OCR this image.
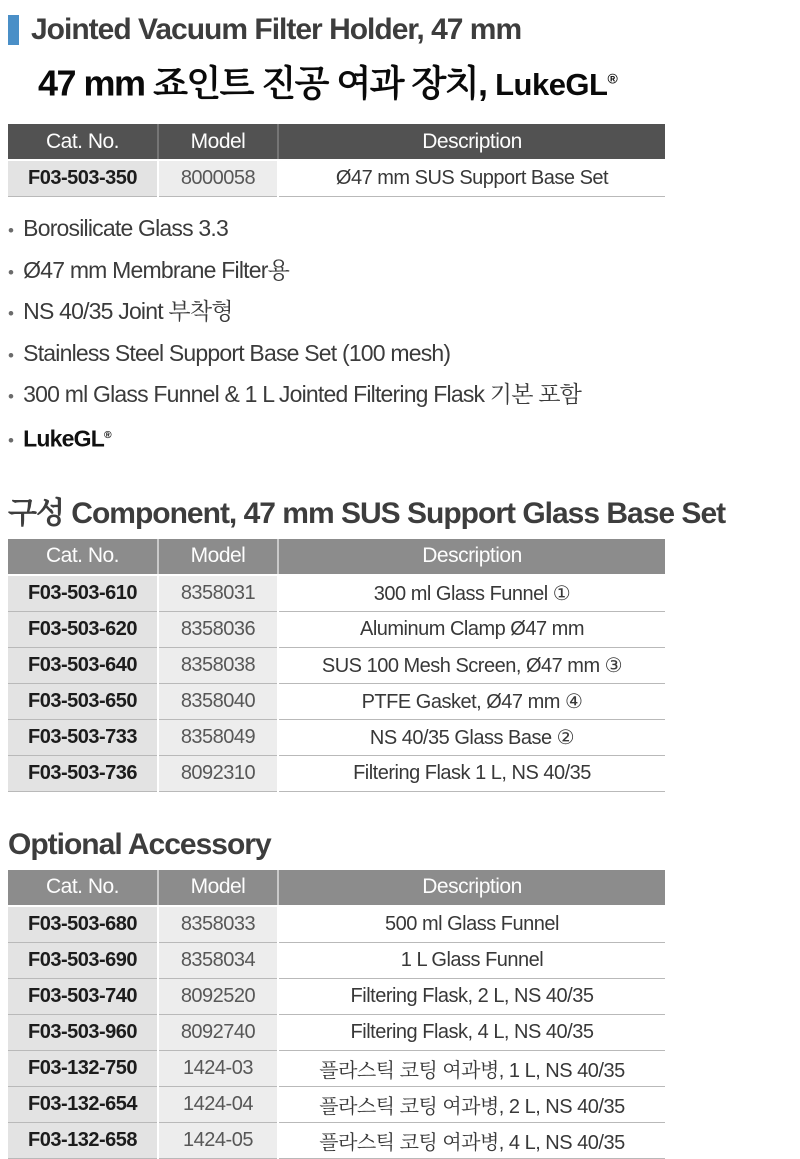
Jointed Vacuum Filter Holder, 47 mm
47 mm 죠인트 진공 여과 장치, LukeGL®
Cat. No.	Model	Description
F03-503-350	8000058	Ø47 mm SUS Support Base Set
• Borosilicate Glass 3.3
• Ø47 mm Membrane Filter용
• NS 40/35 Joint 부착형
• Stainless Steel Support Base Set (100 mesh)
• 300 ml Glass Funnel & 1 L Jointed Filtering Flask 기본 포함
• LukeGL®
구성 Component, 47 mm SUS Support Glass Base Set
Cat. No.	Model	Description
F03-503-610	8358031	300 ml Glass Funnel ①
F03-503-620	8358036	Aluminum Clamp Ø47 mm
F03-503-640	8358038	SUS 100 Mesh Screen, Ø47 mm ③
F03-503-650	8358040	PTFE Gasket, Ø47 mm ④
F03-503-733	8358049	NS 40/35 Glass Base ②
F03-503-736	8092310	Filtering Flask 1 L, NS 40/35
Optional Accessory
Cat. No.	Model	Description
F03-503-680	8358033	500 ml Glass Funnel
F03-503-690	8358034	1 L Glass Funnel
F03-503-740	8092520	Filtering Flask, 2 L, NS 40/35
F03-503-960	8092740	Filtering Flask, 4 L, NS 40/35
F03-132-750	1424-03	플라스틱 코팅 여과병, 1 L, NS 40/35
F03-132-654	1424-04	플라스틱 코팅 여과병, 2 L, NS 40/35
F03-132-658	1424-05	플라스틱 코팅 여과병, 4 L, NS 40/35
